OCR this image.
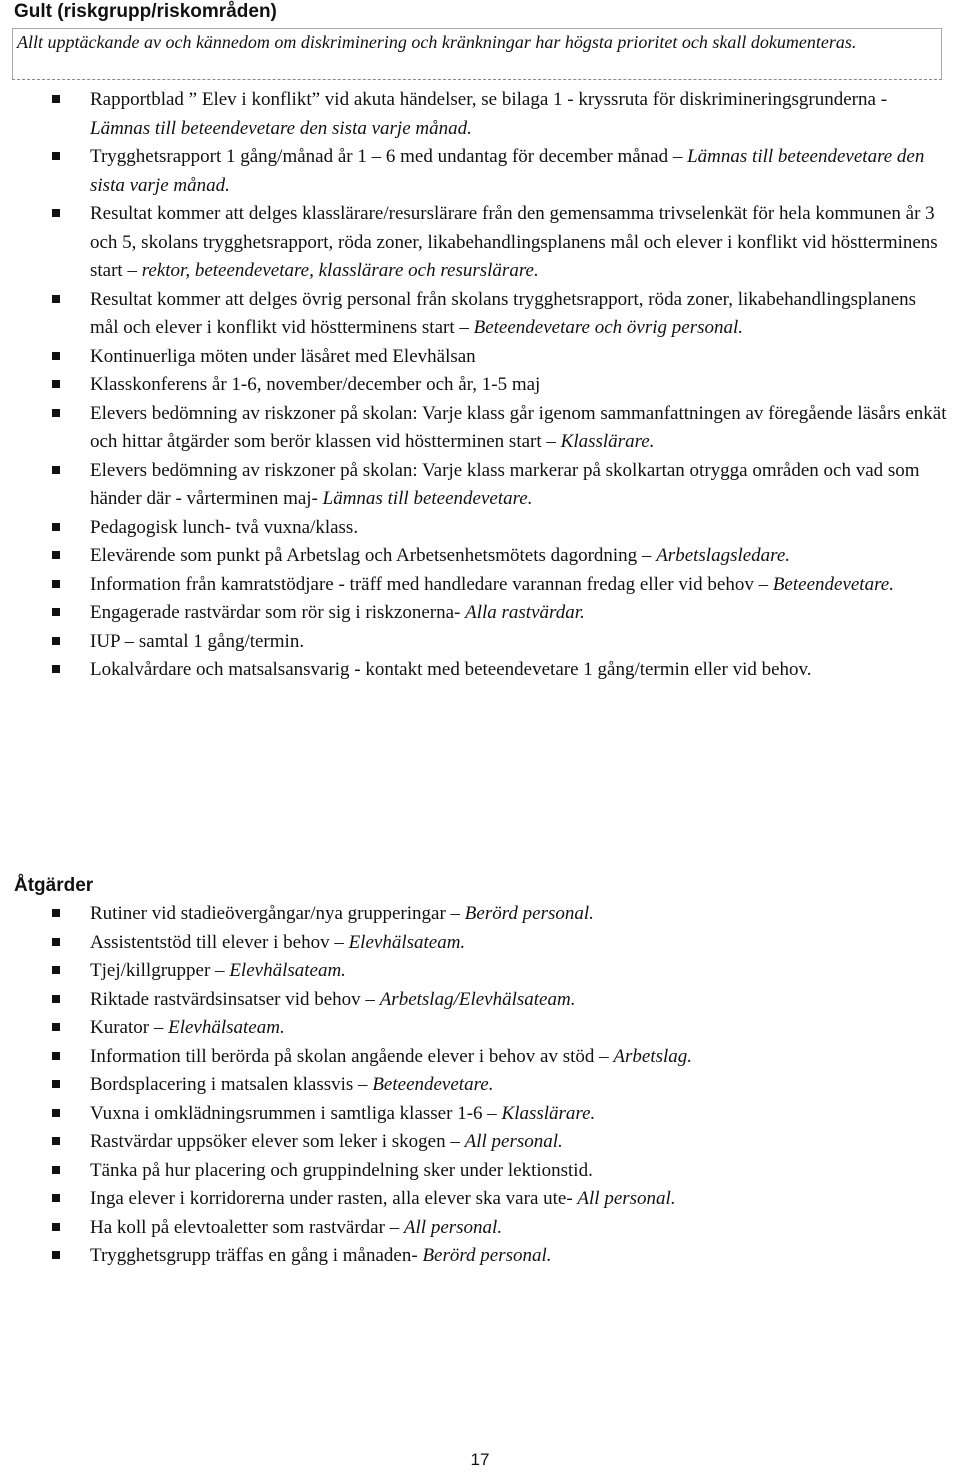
Gult (riskgrupp/riskområden)
Allt upptäckande av och kännedom om diskriminering och kränkningar har högsta prioritet och skall dokumenteras.
Rapportblad ” Elev i konflikt” vid akuta händelser, se bilaga 1 - kryssruta för diskrimineringsgrunderna - Lämnas till beteendevetare den sista varje månad.
Trygghetsrapport 1 gång/månad år 1 – 6 med undantag för december månad – Lämnas till beteendevetare den sista varje månad.
Resultat kommer att delges klasslärare/resurslärare från den gemensamma trivselenkät för hela kommunen år 3 och 5, skolans trygghetsrapport, röda zoner, likabehandlingsplanens mål och elever i konflikt vid höstterminens start – rektor, beteendevetare, klasslärare och resurslärare.
Resultat kommer att delges övrig personal från skolans trygghetsrapport, röda zoner, likabehandlingsplanens mål och elever i konflikt vid höstterminens start – Beteendevetare och övrig personal.
Kontinuerliga möten under läsåret med Elevhälsan
Klasskonferens år 1-6, november/december och år, 1-5 maj
Elevers bedömning av riskzoner på skolan: Varje klass går igenom sammanfattningen av föregående läsårs enkät och hittar åtgärder som berör klassen vid höstterminen start – Klasslärare.
Elevers bedömning av riskzoner på skolan: Varje klass markerar på skolkartan otrygga områden och vad som händer där - vårterminen maj- Lämnas till beteendevetare.
Pedagogisk lunch- två vuxna/klass.
Elevärende som punkt på Arbetslag och Arbetsenhetsmötets dagordning – Arbetslagsledare.
Information från kamratstödjare - träff med handledare varannan fredag eller vid behov – Beteendevetare.
Engagerade rastvärdar som rör sig i riskzonerna- Alla rastvärdar.
IUP – samtal 1 gång/termin.
Lokalvårdare och matsalsansvarig - kontakt med beteendevetare 1 gång/termin eller vid behov.
Åtgärder
Rutiner vid stadieövergångar/nya grupperingar – Berörd personal.
Assistentstöd till elever i behov – Elevhälsateam.
Tjej/killgrupper – Elevhälsateam.
Riktade rastvärdsinsatser vid behov – Arbetslag/Elevhälsateam.
Kurator – Elevhälsateam.
Information till berörda på skolan angående elever i behov av stöd – Arbetslag.
Bordsplacering i matsalen klassvis – Beteendevetare.
Vuxna i omklädningsrummen i samtliga klasser 1-6 – Klasslärare.
Rastvärdar uppsöker elever som leker i skogen – All personal.
Tänka på hur placering och gruppindelning sker under lektionstid.
Inga elever i korridorerna under rasten, alla elever ska vara ute- All personal.
Ha koll på elevtoaletter som rastvärdar – All personal.
Trygghetsgrupp träffas en gång i månaden- Berörd personal.
17
